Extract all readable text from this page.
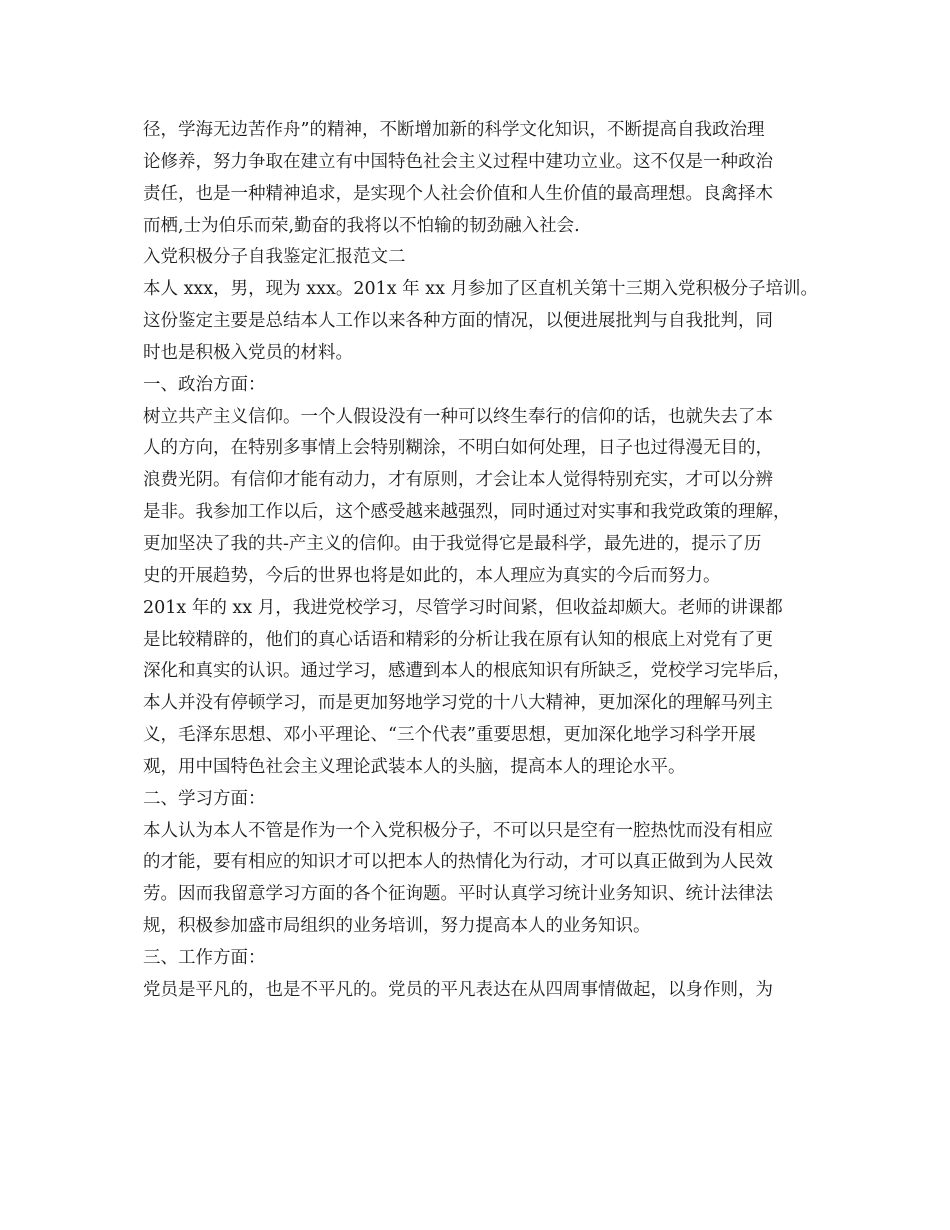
径，学海无边苦作舟”的精神，不断增加新的科学文化知识，不断提高自我政治理
论修养，努力争取在建立有中国特色社会主义过程中建功立业。这不仅是一种政治
责任，也是一种精神追求，是实现个人社会价值和人生价值的最高理想。良禽择木
而栖,士为伯乐而荣,勤奋的我将以不怕输的韧劲融入社会.
入党积极分子自我鉴定汇报范文二
本人 xxx，男，现为 xxx。201x 年 xx 月参加了区直机关第十三期入党积极分子培训。
这份鉴定主要是总结本人工作以来各种方面的情况，以便进展批判与自我批判，同
时也是积极入党员的材料。
一、政治方面：
树立共产主义信仰。一个人假设没有一种可以终生奉行的信仰的话，也就失去了本
人的方向，在特别多事情上会特别糊涂，不明白如何处理，日子也过得漫无目的，
浪费光阴。有信仰才能有动力，才有原则，才会让本人觉得特别充实，才可以分辨
是非。我参加工作以后，这个感受越来越强烈，同时通过对实事和我党政策的理解，
更加坚决了我的共-产主义的信仰。由于我觉得它是最科学，最先进的，提示了历
史的开展趋势，今后的世界也将是如此的，本人理应为真实的今后而努力。
201x 年的 xx 月，我进党校学习，尽管学习时间紧，但收益却颇大。老师的讲课都
是比较精辟的，他们的真心话语和精彩的分析让我在原有认知的根底上对党有了更
深化和真实的认识。通过学习，感遭到本人的根底知识有所缺乏，党校学习完毕后，
本人并没有停顿学习，而是更加努地学习党的十八大精神，更加深化的理解马列主
义，毛泽东思想、邓小平理论、“三个代表”重要思想，更加深化地学习科学开展
观，用中国特色社会主义理论武装本人的头脑，提高本人的理论水平。
二、学习方面：
本人认为本人不管是作为一个入党积极分子，不可以只是空有一腔热忱而没有相应
的才能，要有相应的知识才可以把本人的热情化为行动，才可以真正做到为人民效
劳。因而我留意学习方面的各个征询题。平时认真学习统计业务知识、统计法律法
规，积极参加盛市局组织的业务培训，努力提高本人的业务知识。
三、工作方面：
党员是平凡的，也是不平凡的。党员的平凡表达在从四周事情做起，以身作则，为
